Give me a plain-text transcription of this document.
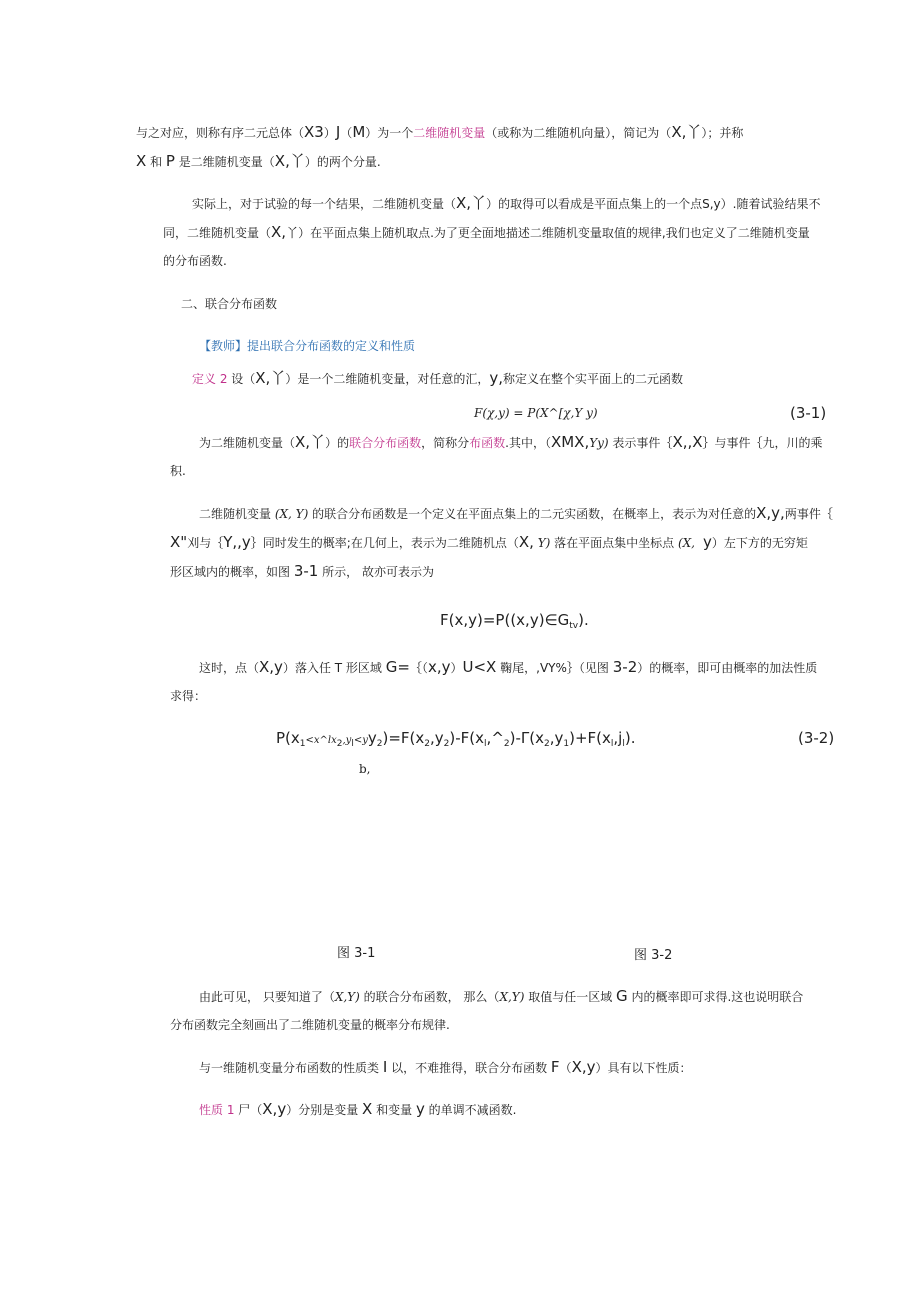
与之对应，则称有序二元总体（X3）J（M）为一个二维随机变量（或称为二维随机向量），简记为（X,丫）；并称
X 和 P 是二维随机变量（X,丫）的两个分量.
实际上，对于试验的每一个结果，二维随机变量（X,丫）的取得可以看成是平面点集上的一个点S,y）.随着试验结果不
同，二维随机变量（X,丫）在平面点集上随机取点.为了更全面地描述二维随机变量取值的规律,我们也定义了二维随机变量
的分布函数.
二、联合分布函数
【教师】提出联合分布函数的定义和性质
定义 2 设（X,丫）是一个二维随机变量，对任意的汇，y,称定义在整个实平面上的二元函数
F(χ,y) = P(X^[χ,Y y)	(3-1)
为二维随机变量（X,丫）的联合分布函数，简称分布函数.其中，（XMX,Yy) 表示事件｛X,,X｝与事件｛九，川的乘
积.
二维随机变量 (X, Y) 的联合分布函数是一个定义在平面点集上的二元实函数，在概率上，表示为对任意的X,y,两事件｛
X"刈与｛Y,,y｝同时发生的概率;在几何上，表示为二维随机点（X, Y) 落在平面点集中坐标点 (X, y）左下方的无穷矩
形区域内的概率，如图 3-1 所示， 故亦可表示为
$F(x,y)=P((x,y)\in G_{tv})$.
这时，点（X,y）落入任 T 形区域 G=｛（x,y）U<X 鞠尾，,VY%｝（见图 3-2）的概率，即可由概率的加法性质
求得：
$P(x_1<x\^{}lx_2,y_l<yy_2)=F(x_2,y_2)-F(x_l,\^{}_2)-\Gamma(x_2,y_1)+F(x_l,j_l)$.	(3-2)
b,
图 3-1	图 3-2
由此可见， 只要知道了（X,Y) 的联合分布函数， 那么（X,Y) 取值与任一区域 G 内的概率即可求得.这也说明联合
分布函数完全刻画出了二维随机变量的概率分布规律.
与一维随机变量分布函数的性质类 I 以，不难推得，联合分布函数 F（X,y）具有以下性质：
性质 1 尸（X,y）分别是变量 X 和变量 y 的单调不减函数.
